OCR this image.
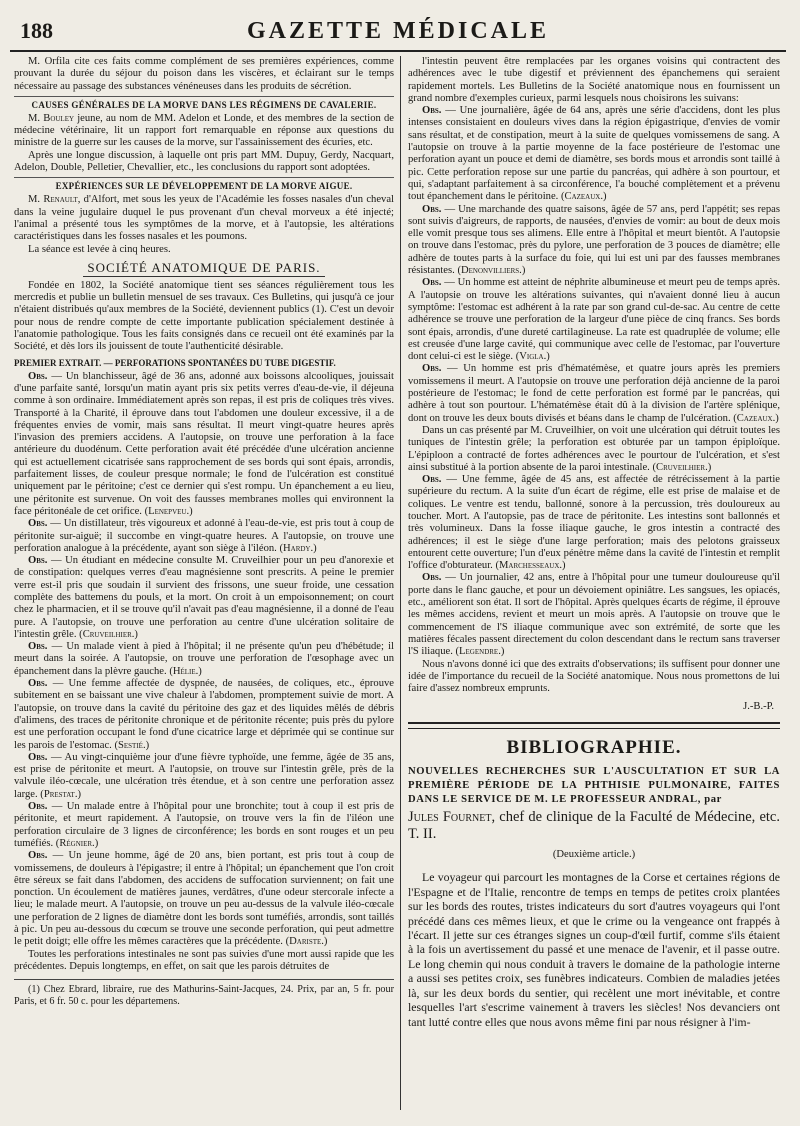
188	GAZETTE MÉDICALE

M. Orfila cite ces faits comme complément de ses premières expériences, comme prouvant la durée du séjour du poison dans les viscères, et éclairant sur le temps nécessaire au passage des substances vénéneuses dans les produits de sécrétion.

CAUSES GÉNÉRALES DE LA MORVE DANS LES RÉGIMENS DE CAVALERIE.

M. Bouley jeune, au nom de MM. Adelon et Londe, et des membres de la section de médecine vétérinaire, lit un rapport fort remarquable en réponse aux questions du ministre de la guerre sur les causes de la morve, sur l'assainissement des écuries, etc.

Après une longue discussion, à laquelle ont pris part MM. Dupuy, Gerdy, Nacquart, Adelon, Double, Pelletier, Chevallier, etc., les conclusions du rapport sont adoptées.

EXPÉRIENCES SUR LE DÉVELOPPEMENT DE LA MORVE AIGUE.

M. Renault, d'Alfort, met sous les yeux de l'Académie les fosses nasales d'un cheval dans la veine jugulaire duquel le pus provenant d'un cheval morveux a été injecté; l'animal a présenté tous les symptômes de la morve, et à l'autopsie, les altérations caractéristiques dans les fosses nasales et les poumons.

La séance est levée à cinq heures.

SOCIÉTÉ ANATOMIQUE DE PARIS.

Fondée en 1802, la Société anatomique tient ses séances régulièrement tous les mercredis et publie un bulletin mensuel de ses travaux. Ces Bulletins, qui jusqu'à ce jour n'étaient distribués qu'aux membres de la Société, deviennent publics (1). C'est un devoir pour nous de rendre compte de cette importante publication spécialement destinée à l'anatomie pathologique. Tous les faits consignés dans ce recueil ont été examinés par la Société, et dès lors ils jouissent de toute l'authenticité désirable.

PREMIER EXTRAIT. — PERFORATIONS SPONTANÉES DU TUBE DIGESTIF.

Obs. — Un blanchisseur, âgé de 36 ans, adonné aux boissons alcooliques, jouissait d'une parfaite santé, lorsqu'un matin ayant pris six petits verres d'eau-de-vie, il déjeuna comme à son ordinaire. Immédiatement après son repas, il est pris de coliques très vives. Transporté à la Charité, il éprouve dans tout l'abdomen une douleur excessive, il a de fréquentes envies de vomir, mais sans résultat. Il meurt vingt-quatre heures après l'invasion des premiers accidens. A l'autopsie, on trouve une perforation à la face antérieure du duodénum. Cette perforation avait été précédée d'une ulcération ancienne qui est actuellement cicatrisée sans rapprochement de ses bords qui sont épais, arrondis, parfaitement lisses, de couleur presque normale; le fond de l'ulcération est constitué uniquement par le péritoine; c'est ce dernier qui s'est rompu. Un épanchement a eu lieu, une péritonite est survenue. On voit des fausses membranes molles qui environnent la face péritonéale de cet orifice. (Lenepveu.)

Obs. — Un distillateur, très vigoureux et adonné à l'eau-de-vie, est pris tout à coup de péritonite sur-aiguë; il succombe en vingt-quatre heures. A l'autopsie, on trouve une perforation analogue à la précédente, ayant son siège à l'iléon. (Hardy.)

Obs. — Un étudiant en médecine consulte M. Cruveilhier pour un peu d'anorexie et de constipation: quelques verres d'eau magnésienne sont prescrits. A peine le premier verre est-il pris que soudain il survient des frissons, une sueur froide, une cessation complète des battemens du pouls, et la mort. On croit à un empoisonnement; on court chez le pharmacien, et il se trouve qu'il n'avait pas d'eau magnésienne, il a donné de l'eau pure. A l'autopsie, on trouve une perforation au centre d'une ulcération solitaire de l'intestin grêle. (Cruveilhier.)

Obs. — Un malade vient à pied à l'hôpital; il ne présente qu'un peu d'hébétude; il meurt dans la soirée. A l'autopsie, on trouve une perforation de l'œsophage avec un épanchement dans la plèvre gauche. (Hélie.)

Obs. — Une femme affectée de dyspnée, de nausées, de coliques, etc., éprouve subitement en se baissant une vive chaleur à l'abdomen, promptement suivie de mort. A l'autopsie, on trouve dans la cavité du péritoine des gaz et des liquides mêlés de débris d'alimens, des traces de péritonite chronique et de péritonite récente; puis près du pylore est une perforation occupant le fond d'une cicatrice large et déprimée qui se continue sur les parois de l'estomac. (Sestié.)

Obs. — Au vingt-cinquième jour d'une fièvre typhoïde, une femme, âgée de 35 ans, est prise de péritonite et meurt. A l'autopsie, on trouve sur l'intestin grêle, près de la valvule iléo-cœcale, une ulcération très étendue, et à son centre une perforation assez large. (Prestat.)

Obs. — Un malade entre à l'hôpital pour une bronchite; tout à coup il est pris de péritonite, et meurt rapidement. A l'autopsie, on trouve vers la fin de l'iléon une perforation circulaire de 3 lignes de circonférence; les bords en sont rouges et un peu tuméfiés. (Régnier.)

Obs. — Un jeune homme, âgé de 20 ans, bien portant, est pris tout à coup de vomissemens, de douleurs à l'épigastre; il entre à l'hôpital; un épanchement que l'on croit être séreux se fait dans l'abdomen, des accidens de suffocation surviennent; on fait une ponction. Un écoulement de matières jaunes, verdâtres, d'une odeur stercorale infecte a lieu; le malade meurt. A l'autopsie, on trouve un peu au-dessus de la valvule iléo-cœcale une perforation de 2 lignes de diamètre dont les bords sont tuméfiés, arrondis, sont taillés à pic. Un peu au-dessous du cœcum se trouve une seconde perforation, qui peut admettre le petit doigt; elle offre les mêmes caractères que la précédente. (Dariste.)

Toutes les perforations intestinales ne sont pas suivies d'une mort aussi rapide que les précédentes. Depuis longtemps, en effet, on sait que les parois détruites de

(1) Chez Ebrard, libraire, rue des Mathurins-Saint-Jacques, 24. Prix, par an, 5 fr. pour Paris, et 6 fr. 50 c. pour les départemens.

l'intestin peuvent être remplacées par les organes voisins qui contractent des adhérences avec le tube digestif et préviennent des épanchemens qui seraient rapidement mortels. Les Bulletins de la Société anatomique nous en fournissent un grand nombre d'exemples curieux, parmi lesquels nous choisirons les suivans:

Obs. — Une journalière, âgée de 64 ans, après une série d'accidens, dont les plus intenses consistaient en douleurs vives dans la région épigastrique, d'envies de vomir sans résultat, et de constipation, meurt à la suite de quelques vomissemens de sang. A l'autopsie on trouve à la partie moyenne de la face postérieure de l'estomac une perforation ayant un pouce et demi de diamètre, ses bords mous et arrondis sont taillé à pic. Cette perforation repose sur une partie du pancréas, qui adhère à son pourtour, et qui, s'adaptant parfaitement à sa circonférence, l'a bouché complètement et a prévenu tout épanchement dans le péritoine. (Cazeaux.)

Obs. — Une marchande des quatre saisons, âgée de 57 ans, perd l'appétit; ses repas sont suivis d'aigreurs, de rapports, de nausées, d'envies de vomir: au bout de deux mois elle vomit presque tous ses alimens. Elle entre à l'hôpital et meurt bientôt. A l'autopsie on trouve dans l'estomac, près du pylore, une perforation de 3 pouces de diamètre; elle adhère de toutes parts à la surface du foie, qui lui est uni par des fausses membranes résistantes. (Denonvilliers.)

Obs. — Un homme est atteint de néphrite albumineuse et meurt peu de temps après. A l'autopsie on trouve les altérations suivantes, qui n'avaient donné lieu à aucun symptôme: l'estomac est adhérent à la rate par son grand cul-de-sac. Au centre de cette adhérence se trouve une perforation de la largeur d'une pièce de cinq francs. Ses bords sont épais, arrondis, d'une dureté cartilagineuse. La rate est quadruplée de volume; elle est creusée d'une large cavité, qui communique avec celle de l'estomac, par l'ouverture dont celui-ci est le siège. (Vigla.)

Obs. — Un homme est pris d'hématémèse, et quatre jours après les premiers vomissemens il meurt. A l'autopsie on trouve une perforation déjà ancienne de la paroi postérieure de l'estomac; le fond de cette perforation est formé par le pancréas, qui adhère à tout son pourtour. L'hématémèse était dû à la division de l'artère splénique, dont on trouve les deux bouts divisés et béans dans le champ de l'ulcération. (Cazeaux.)

Dans un cas présenté par M. Cruveilhier, on voit une ulcération qui détruit toutes les tuniques de l'intestin grêle; la perforation est obturée par un tampon épiploïque. L'épiploon a contracté de fortes adhérences avec le pourtour de l'ulcération, et s'est ainsi substitué à la portion absente de la paroi intestinale. (Cruveilhier.)

Obs. — Une femme, âgée de 45 ans, est affectée de rétrécissement à la partie supérieure du rectum. A la suite d'un écart de régime, elle est prise de malaise et de coliques. Le ventre est tendu, ballonné, sonore à la percussion, très douloureux au toucher. Mort. A l'autopsie, pas de trace de péritonite. Les intestins sont ballonnés et très volumineux. Dans la fosse iliaque gauche, le gros intestin a contracté des adhérences; il est le siège d'une large perforation; mais des pelotons graisseux entourent cette ouverture; l'un d'eux pénètre même dans la cavité de l'intestin et remplit l'office d'obturateur. (Marchesseaux.)

Obs. — Un journalier, 42 ans, entre à l'hôpital pour une tumeur douloureuse qu'il porte dans le flanc gauche, et pour un dévoiement opiniâtre. Les sangsues, les opiacés, etc., améliorent son état. Il sort de l'hôpital. Après quelques écarts de régime, il éprouve les mêmes accidens, revient et meurt un mois après. A l'autopsie on trouve que le commencement de l'S iliaque communique avec son extrémité, de sorte que les matières fécales passent directement du colon descendant dans le rectum sans traverser l'S iliaque. (Legendre.)

Nous n'avons donné ici que des extraits d'observations; ils suffisent pour donner une idée de l'importance du recueil de la Société anatomique. Nous nous promettons de lui faire d'assez nombreux emprunts.

J.-B.-P.
BIBLIOGRAPHIE.
NOUVELLES RECHERCHES SUR L'AUSCULTATION ET SUR LA PREMIÈRE PÉRIODE DE LA PHTHISIE PULMONAIRE, FAITES DANS LE SERVICE DE M. LE PROFESSEUR ANDRAL, par
Jules Fournet, chef de clinique de la Faculté de Médecine, etc. T. II.
(Deuxième article.)

Le voyageur qui parcourt les montagnes de la Corse et certaines régions de l'Espagne et de l'Italie, rencontre de temps en temps de petites croix plantées sur les bords des routes, tristes indicateurs du sort d'autres voyageurs qui l'ont précédé dans ces mêmes lieux, et que le crime ou la vengeance ont frappés à l'écart. Il jette sur ces étranges signes un coup-d'œil furtif, comme s'ils étaient à la fois un avertissement du passé et une menace de l'avenir, et il passe outre. Le long chemin qui nous conduit à travers le domaine de la pathologie interne a aussi ses petites croix, ses funèbres indicateurs. Combien de maladies jetées là, sur les deux bords du sentier, qui recèlent une mort inévitable, et contre lesquelles l'art s'escrime vainement à travers les siècles! Nos devanciers ont tant lutté contre elles que nous avons même fini par nous résigner à l'im-
